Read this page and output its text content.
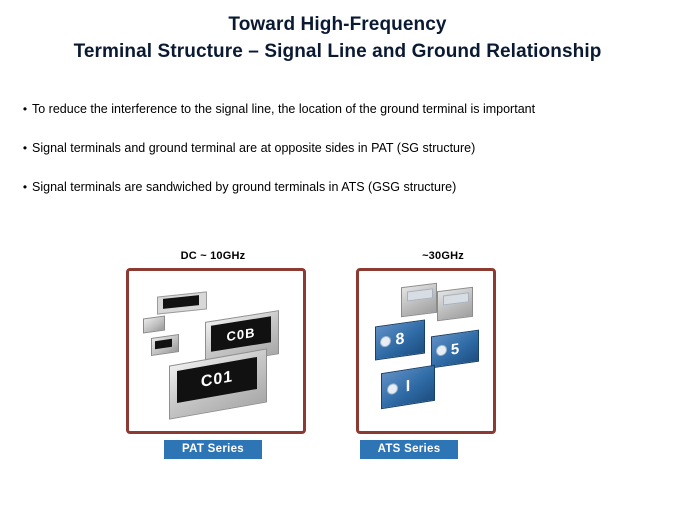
Toward High-Frequency
Terminal Structure – Signal Line and Ground Relationship
• To reduce the interference to the signal line, the location of the ground terminal is important
• Signal terminals and ground terminal are at opposite sides in PAT (SG structure)
• Signal terminals are sandwiched by ground terminals in ATS (GSG structure)
DC ~ 10GHz
C0B
C01
PAT Series
~30GHz
8
5
I
ATS Series
